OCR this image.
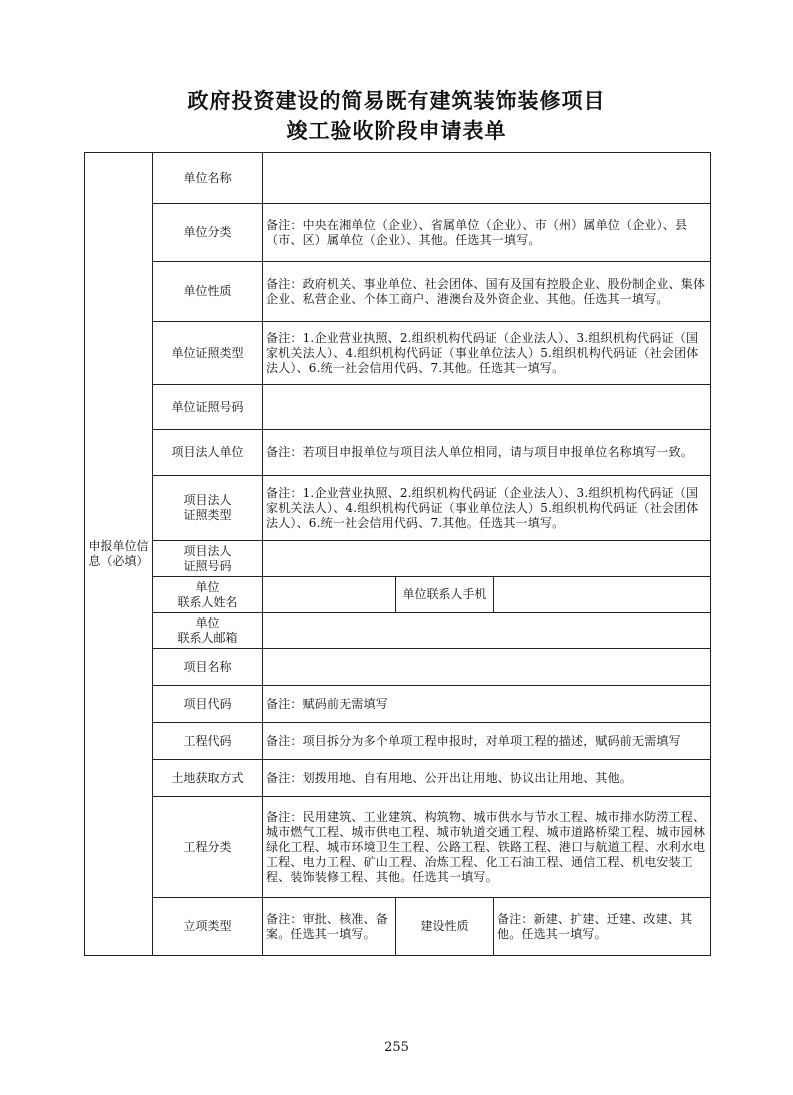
政府投资建设的简易既有建筑装饰装修项目
竣工验收阶段申请表单
申报单位信息（必填）	单位名称			
	单位分类	备注：中央在湘单位（企业）、省属单位（企业）、市（州）属单位（企业）、县（市、区）属单位（企业）、其他。任选其一填写。		
	单位性质	备注：政府机关、事业单位、社会团体、国有及国有控股企业、股份制企业、集体企业、私营企业、个体工商户、港澳台及外资企业、其他。任选其一填写。		
	单位证照类型	备注：1.企业营业执照、2.组织机构代码证（企业法人）、3.组织机构代码证（国家机关法人）、4.组织机构代码证（事业单位法人）5.组织机构代码证（社会团体法人）、6.统一社会信用代码、7.其他。任选其一填写。		
	单位证照号码			
	项目法人单位	备注：若项目申报单位与项目法人单位相同，请与项目申报单位名称填写一致。		
	项目法人
证照类型	备注：1.企业营业执照、2.组织机构代码证（企业法人）、3.组织机构代码证（国家机关法人）、4.组织机构代码证（事业单位法人）5.组织机构代码证（社会团体法人）、6.统一社会信用代码、7.其他。任选其一填写。		
	项目法人
证照号码			
	单位
联系人姓名		单位联系人手机	
	单位
联系人邮箱			
	项目名称			
	项目代码	备注：赋码前无需填写		
	工程代码	备注：项目拆分为多个单项工程申报时，对单项工程的描述，赋码前无需填写		
	土地获取方式	备注：划拨用地、自有用地、公开出让用地、协议出让用地、其他。		
	工程分类	备注：民用建筑、工业建筑、构筑物、城市供水与节水工程、城市排水防涝工程、城市燃气工程、城市供电工程、城市轨道交通工程、城市道路桥梁工程、城市园林绿化工程、城市环境卫生工程、公路工程、铁路工程、港口与航道工程、水利水电工程、电力工程、矿山工程、冶炼工程、化工石油工程、通信工程、机电安装工程、装饰装修工程、其他。任选其一填写。		
	立项类型	备注：审批、核准、备案。任选其一填写。	建设性质	备注：新建、扩建、迁建、改建、其他。任选其一填写。
255
